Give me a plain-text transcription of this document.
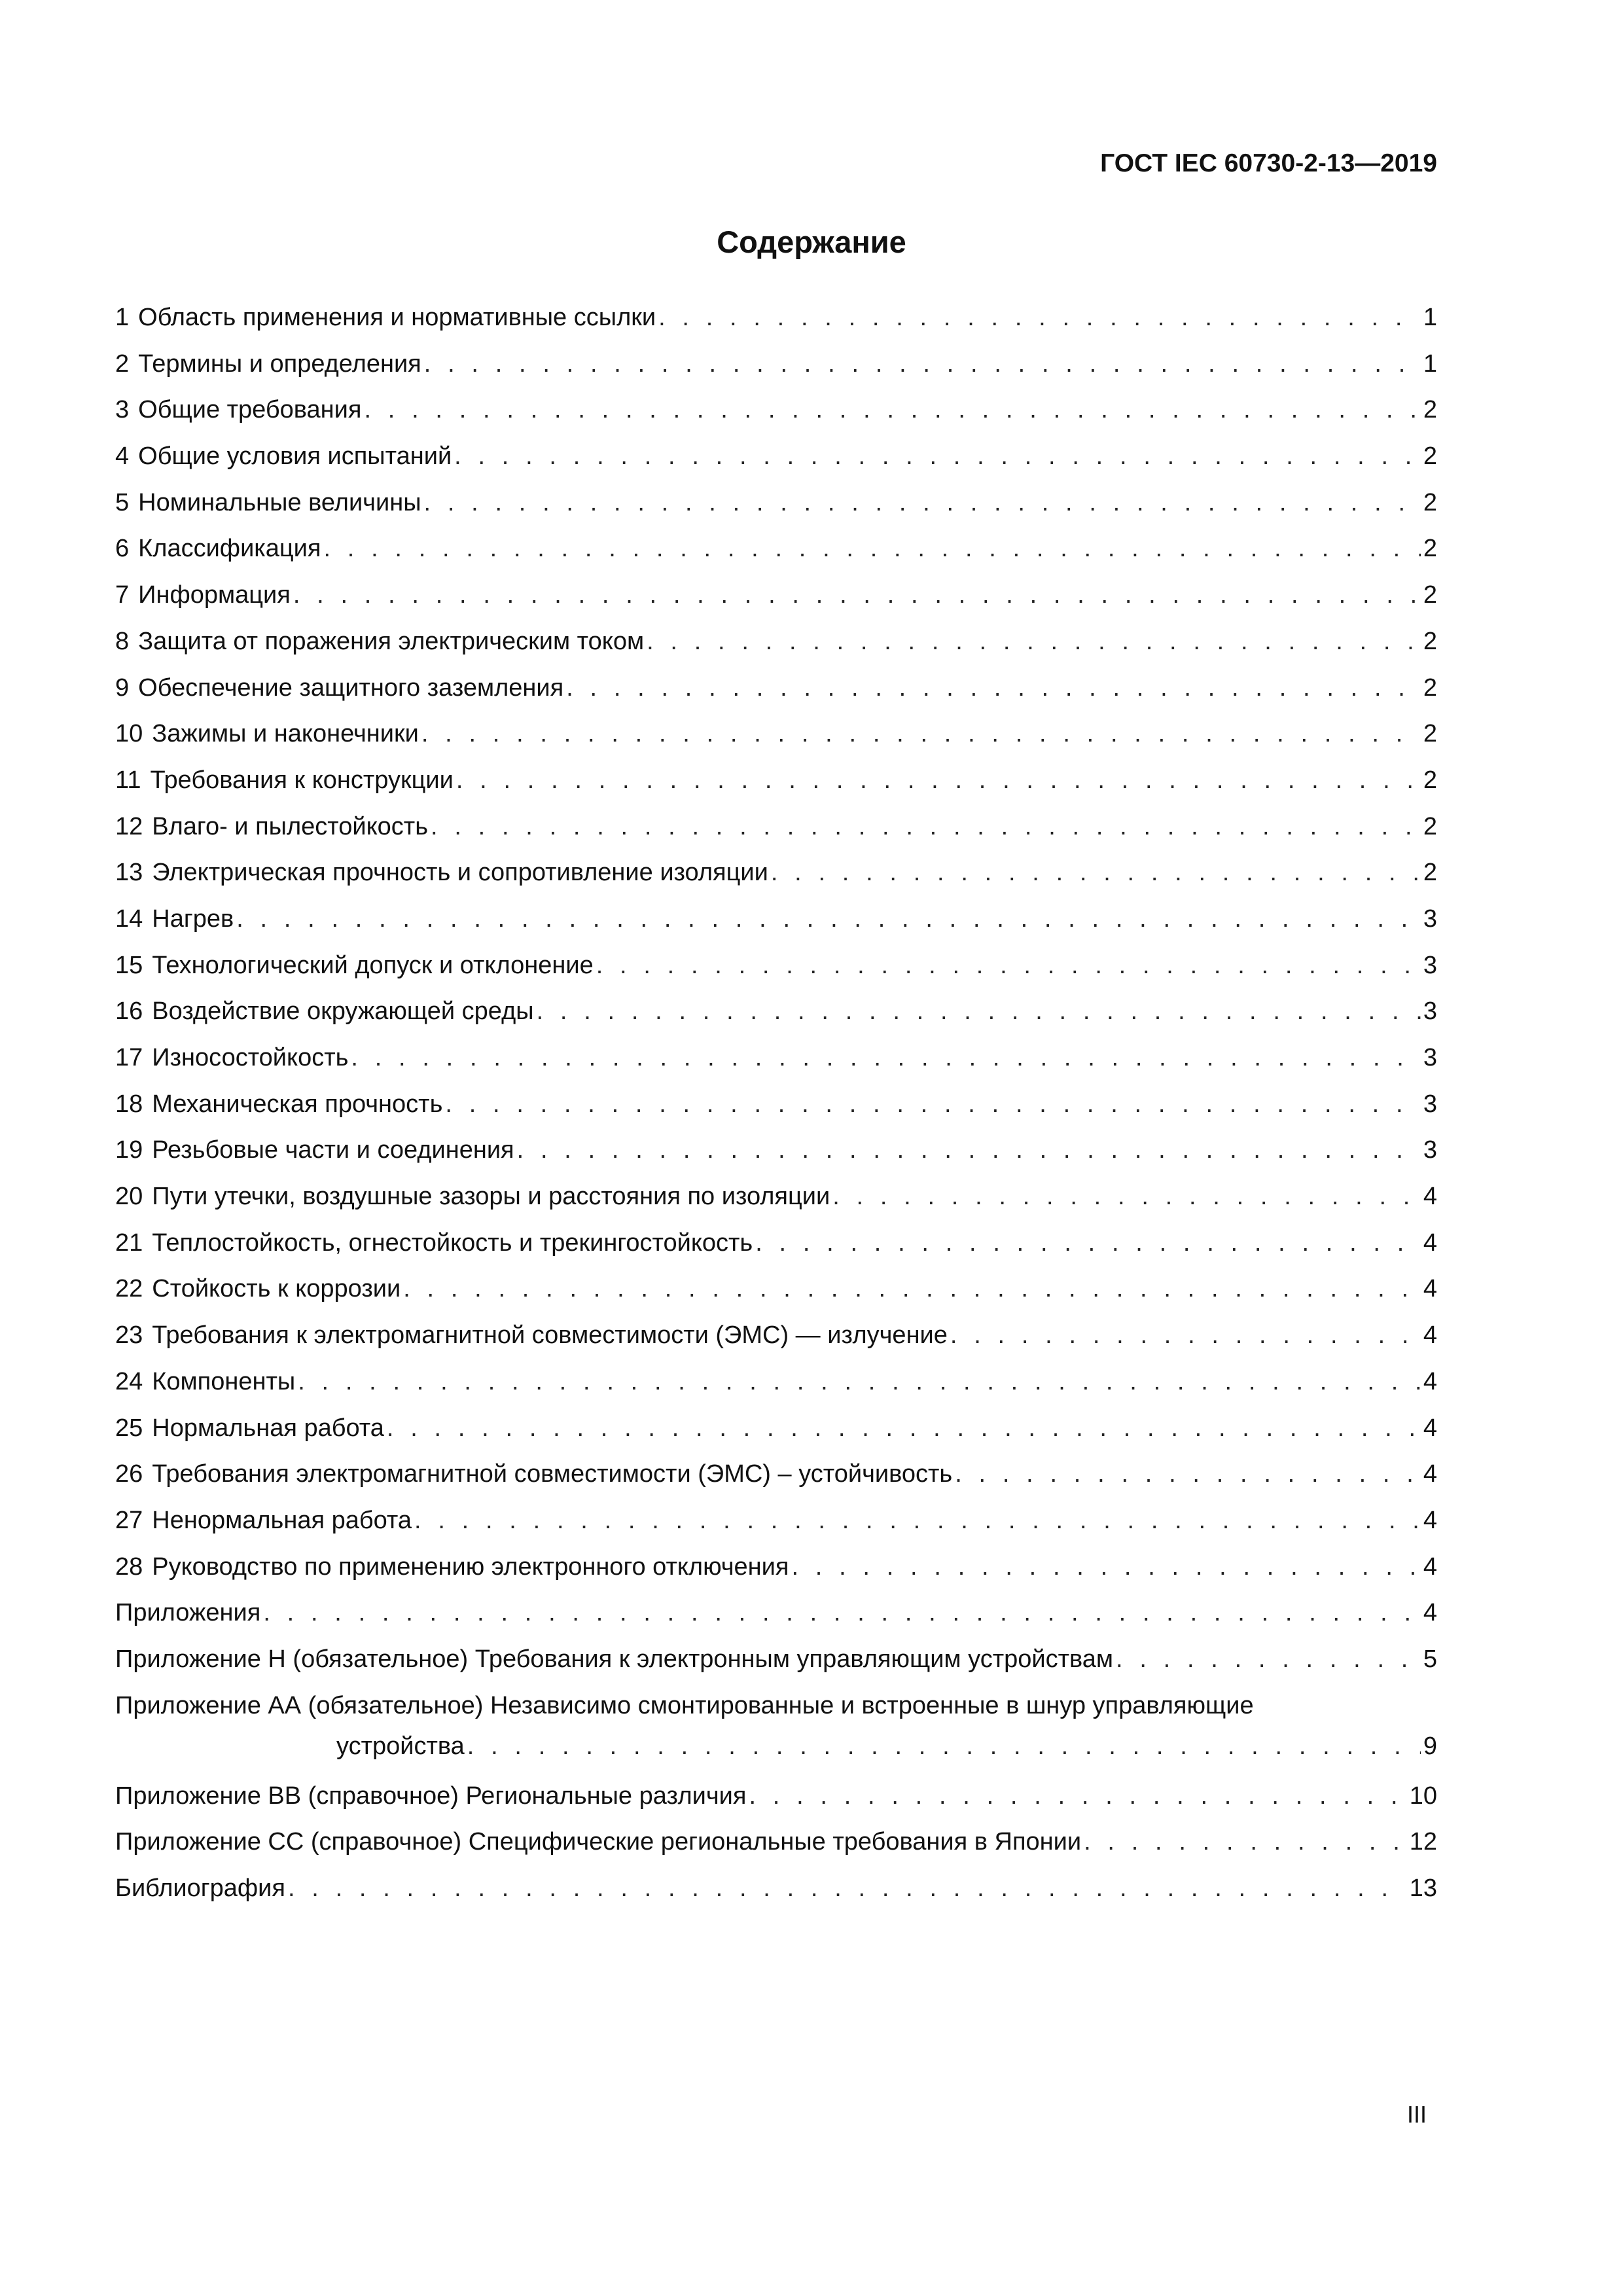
ГОСТ IEC 60730-2-13—2019
Содержание
1 Область применения и нормативные ссылки . . .	1
2 Термины и определения . . .	1
3 Общие требования . . .	2
4 Общие условия испытаний . . .	2
5 Номинальные величины . . .	2
6 Классификация . . .	2
7 Информация . . .	2
8 Защита от поражения электрическим током . . .	2
9 Обеспечение защитного заземления . . .	2
10 Зажимы и наконечники . . .	2
11 Требования к конструкции . . .	2
12 Влаго- и пылестойкость . . .	2
13 Электрическая прочность и сопротивление изоляции . . .	2
14 Нагрев . . .	3
15 Технологический допуск и отклонение . . .	3
16 Воздействие окружающей среды . . .	3
17 Износостойкость . . .	3
18 Механическая прочность . . .	3
19 Резьбовые части и соединения . . .	3
20 Пути утечки, воздушные зазоры и расстояния по изоляции . . .	4
21 Теплостойкость, огнестойкость и трекингостойкость . . .	4
22 Стойкость к коррозии . . .	4
23 Требования к электромагнитной совместимости (ЭМС) — излучение . . .	4
24 Компоненты . . .	4
25 Нормальная работа . . .	4
26 Требования электромагнитной совместимости (ЭМС) – устойчивость . . .	4
27 Ненормальная работа . . .	4
28 Руководство по применению электронного отключения . . .	4
Приложения . . .	4
Приложение H (обязательное) Требования к электронным управляющим устройствам . . .	5
Приложение АА (обязательное) Независимо смонтированные и встроенные в шнур управляющие
устройства . . .	9
Приложение ВВ (справочное) Региональные различия . . .	10
Приложение СС (справочное) Специфические региональные требования в Японии . . .	12
Библиография . . .	13
III
